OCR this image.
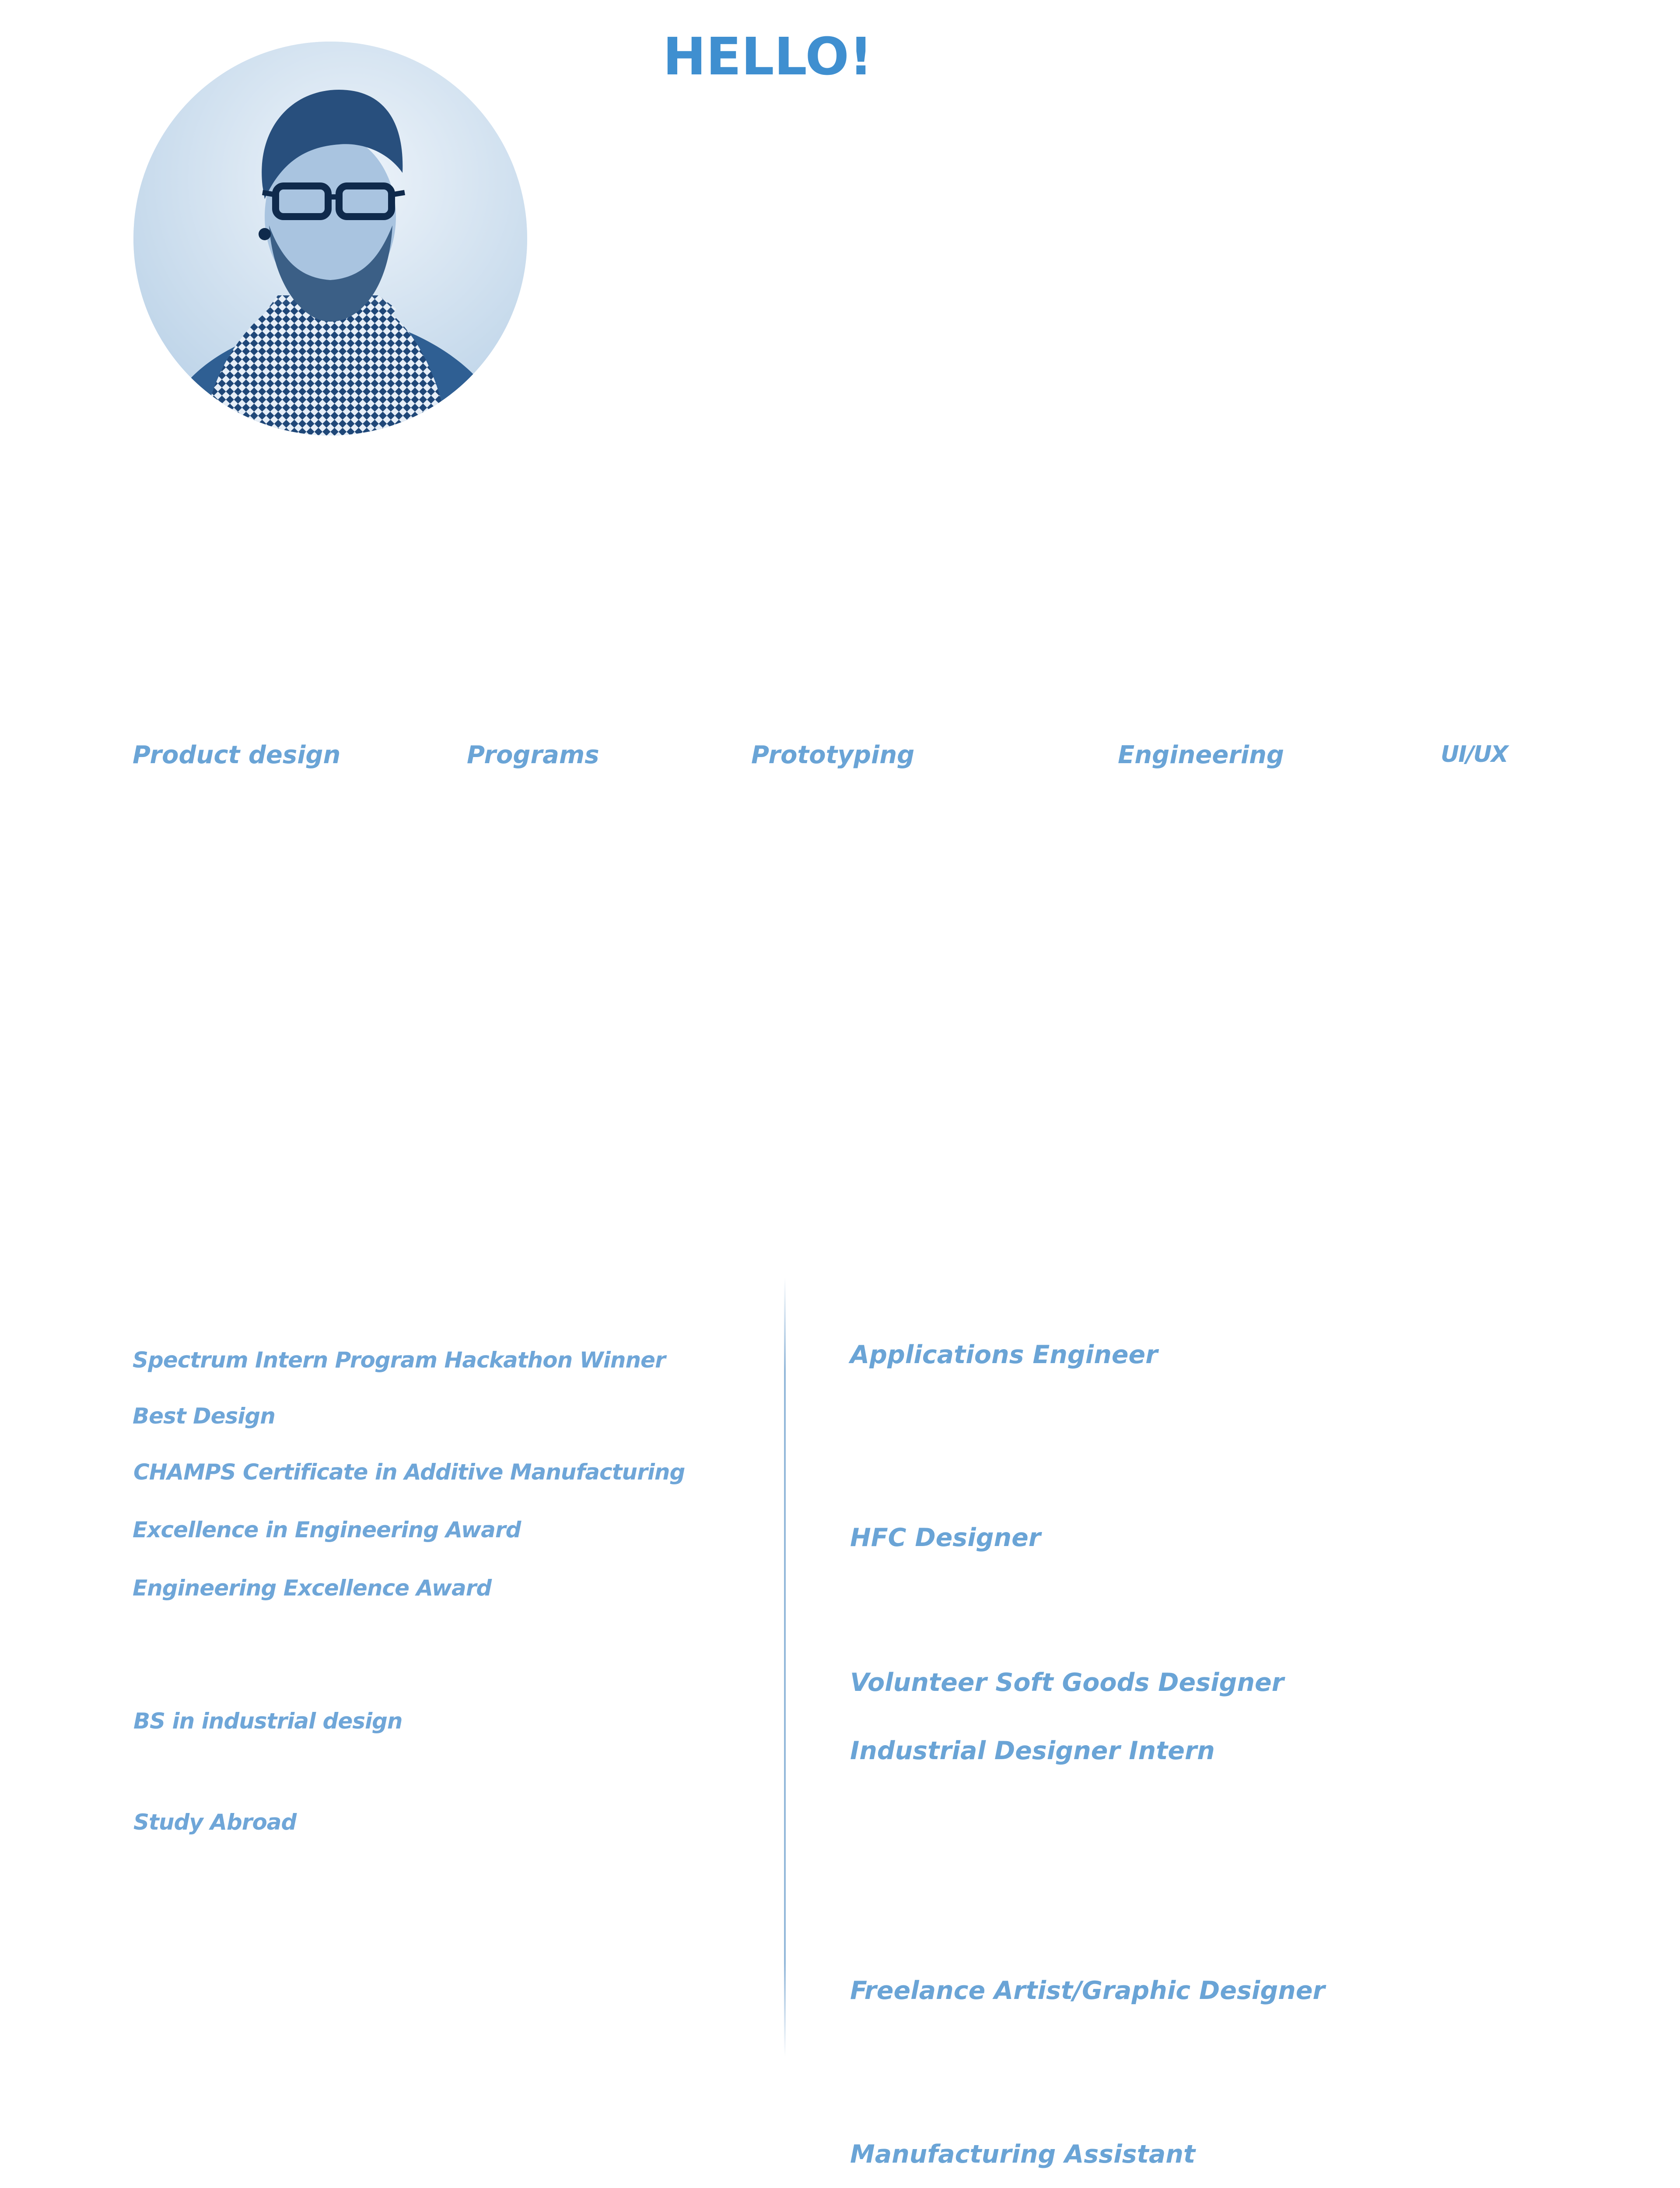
HELLO!
Product design	Programs	Prototyping	Engineering	UI/UX
Spectrum Intern Program Hackathon Winner
Best Design
CHAMPS Certificate in Additive Manufacturing
Excellence in Engineering Award
Engineering Excellence Award
BS in industrial design
Study Abroad
Applications Engineer
HFC Designer
Volunteer Soft Goods Designer
Industrial Designer Intern
Freelance Artist/Graphic Designer
Manufacturing Assistant
